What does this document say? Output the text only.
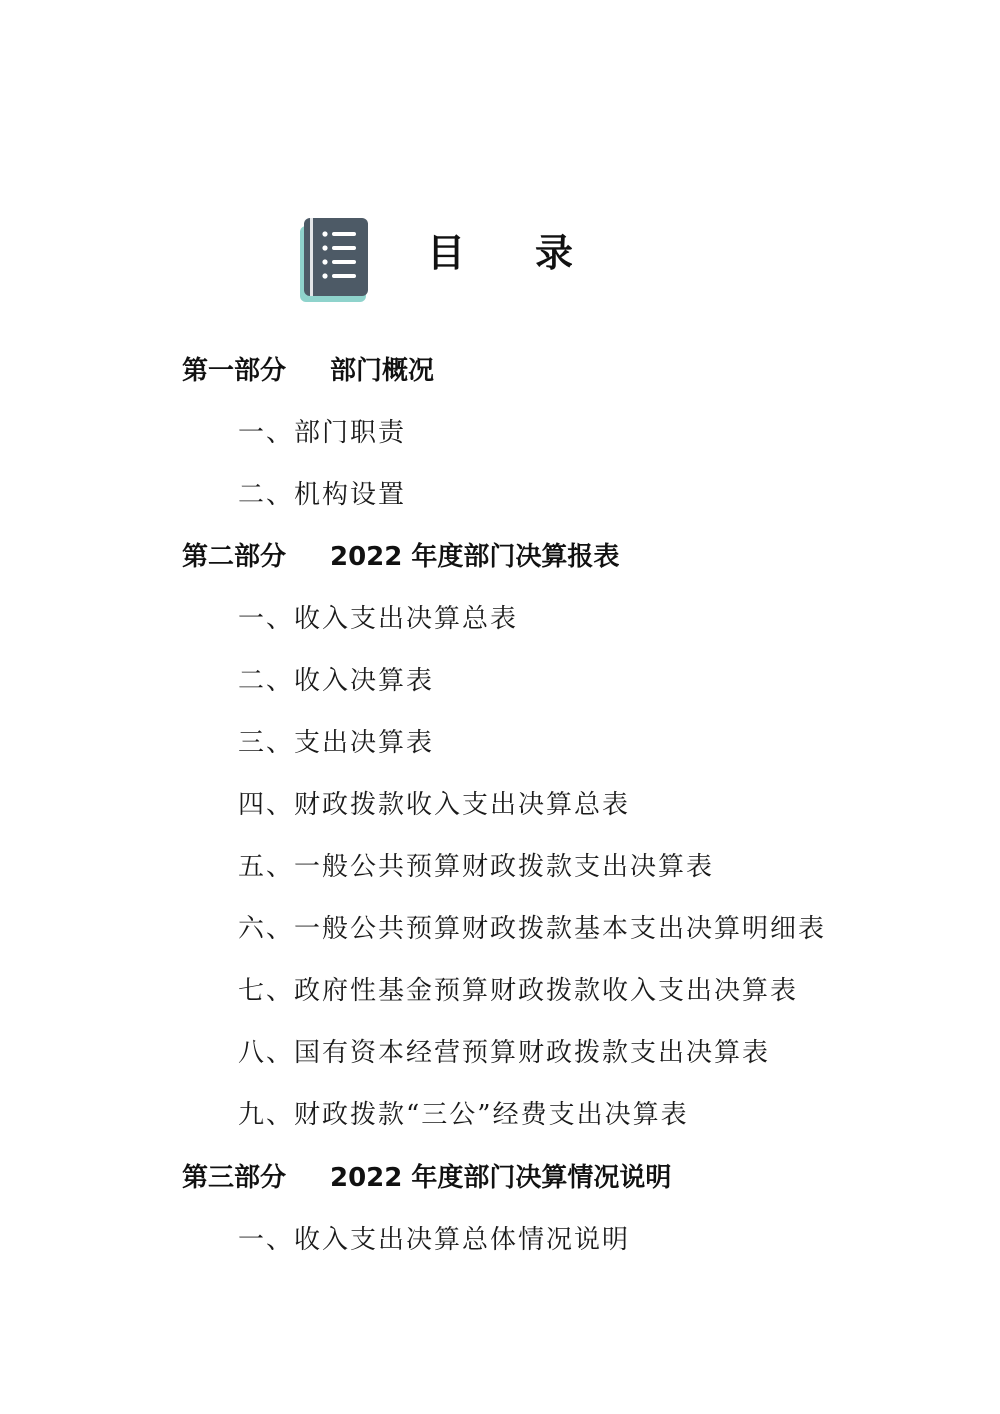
目 录
第一部分 部门概况
一、部门职责
二、机构设置
第二部分 2022 年度部门决算报表
一、收入支出决算总表
二、收入决算表
三、支出决算表
四、财政拨款收入支出决算总表
五、一般公共预算财政拨款支出决算表
六、一般公共预算财政拨款基本支出决算明细表
七、政府性基金预算财政拨款收入支出决算表
八、国有资本经营预算财政拨款支出决算表
九、财政拨款“三公”经费支出决算表
第三部分 2022 年度部门决算情况说明
一、收入支出决算总体情况说明
